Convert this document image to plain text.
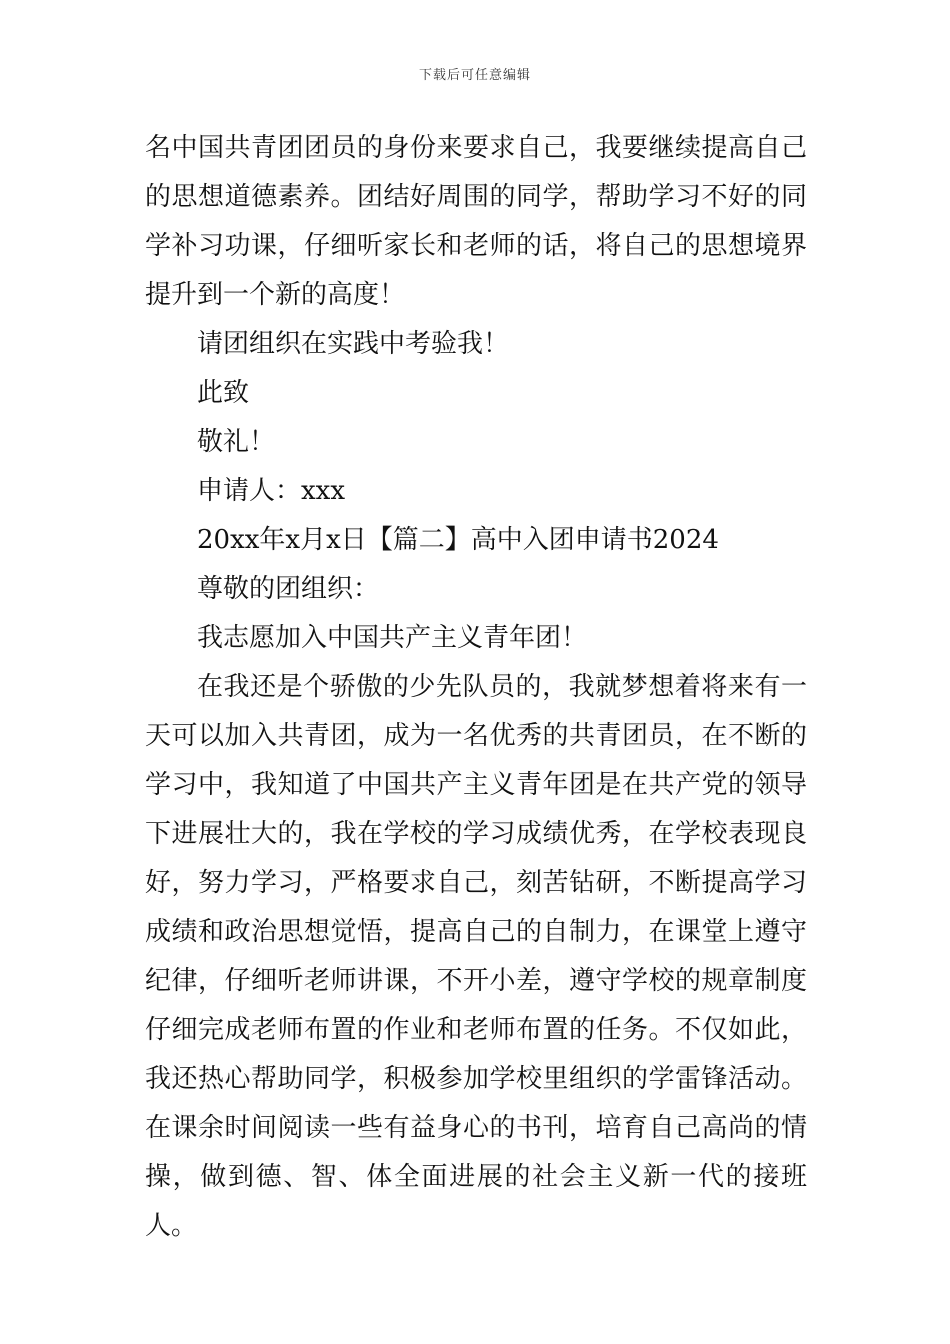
下载后可任意编辑

名中国共青团团员的身份来要求自己，我要继续提高自己的思想道德素养。团结好周围的同学，帮助学习不好的同学补习功课，仔细听家长和老师的话，将自己的思想境界提升到一个新的高度！

请团组织在实践中考验我！

此致

敬礼！

申请人：xxx

20xx年x月x日【篇二】高中入团申请书2024

尊敬的团组织：

我志愿加入中国共产主义青年团！

在我还是个骄傲的少先队员的，我就梦想着将来有一天可以加入共青团，成为一名优秀的共青团员，在不断的学习中，我知道了中国共产主义青年团是在共产党的领导下进展壮大的，我在学校的学习成绩优秀，在学校表现良好，努力学习，严格要求自己，刻苦钻研，不断提高学习成绩和政治思想觉悟，提高自己的自制力，在课堂上遵守纪律，仔细听老师讲课，不开小差，遵守学校的规章制度仔细完成老师布置的作业和老师布置的任务。不仅如此，我还热心帮助同学，积极参加学校里组织的学雷锋活动。在课余时间阅读一些有益身心的书刊，培育自己高尚的情操，做到德、智、体全面进展的社会主义新一代的接班人。
